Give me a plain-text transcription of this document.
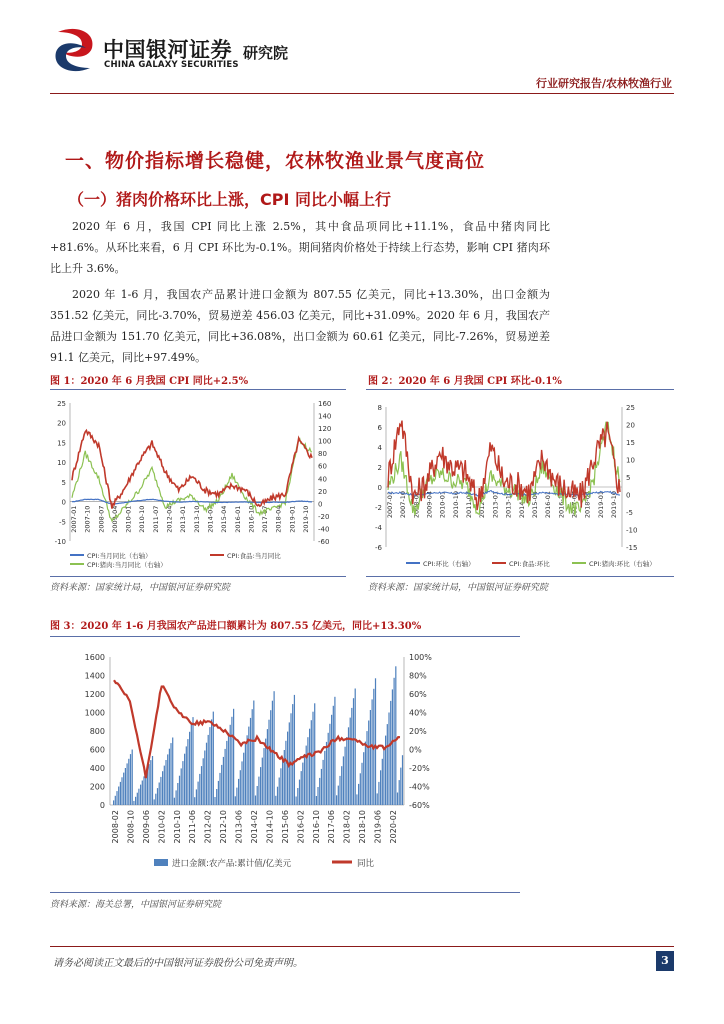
中国银河证券
CHINA GALAXY SECURITIES
研究院
行业研究报告/农林牧渔行业
一、物价指标增长稳健，农林牧渔业景气度高位
（一）猪肉价格环比上涨，CPI 同比小幅上行

2020 年 6 月，我国 CPI 同比上涨 2.5%，其中食品项同比+11.1%，食品中猪肉同比+81.6%。从环比来看，6 月 CPI 环比为-0.1%。期间猪肉价格处于持续上行态势，影响 CPI 猪肉环比上升 3.6%。

2020 年 1-6 月，我国农产品累计进口金额为 807.55 亿美元，同比+13.30%，出口金额为 351.52 亿美元，同比-3.70%，贸易逆差 456.03 亿美元，同比+31.09%。2020 年 6 月，我国农产品进口金额为 151.70 亿美元，同比+36.08%，出口金额为 60.61 亿美元，同比-7.26%，贸易逆差 91.1 亿美元，同比+97.49%。

图 1：2020 年 6 月我国 CPI 同比+2.5%
25
20
15
10
5
0
-5
-10
160
140
120
100
80
60
40
20
0
-20
-40
-60
2007-01 2007-10 2008-07 2009-04 2010-01 2010-10 2011-07 2012-04 2013-01 2013-10 2014-07 2015-04 2016-01 2016-10 2017-07 2018-04 2019-01 2019-10
CPI:当月同比（右轴）	CPI:食品:当月同比
CPI:猪肉:当月同比（右轴）
资料来源：国家统计局，中国银河证券研究院
图 2：2020 年 6 月我国 CPI 环比-0.1%
8
6
4
2
0
-2
-4
-6
25
20
15
10
5
0
-5
-10
-15
2007-01 2007-10 2008-07 2009-04 2010-01 2010-10 2011-07 2012-04 2013-01 2013-10 2014-07 2015-04 2016-01 2016-10 2017-07 2018-04 2019-01 2019-10
CPI:环比（右轴）	CPI:食品:环比	CPI:猪肉:环比（右轴）
资料来源：国家统计局，中国银河证券研究院
图 3：2020 年 1-6 月我国农产品进口额累计为 807.55 亿美元，同比+13.30%
1600
1400
1200
1000
800
600
400
200
0
100%
80%
60%
40%
20%
0%
-20%
-40%
-60%
2008-02 2008-10 2009-06 2010-02 2010-10 2011-06 2012-02 2012-10 2013-06 2014-02 2014-10 2015-06 2016-02 2016-10 2017-06 2018-02 2018-10 2019-06 2020-02
进口金额:农产品:累计值/亿美元	同比
资料来源：海关总署，中国银河证券研究院
请务必阅读正文最后的中国银河证券股份公司免责声明。	3
